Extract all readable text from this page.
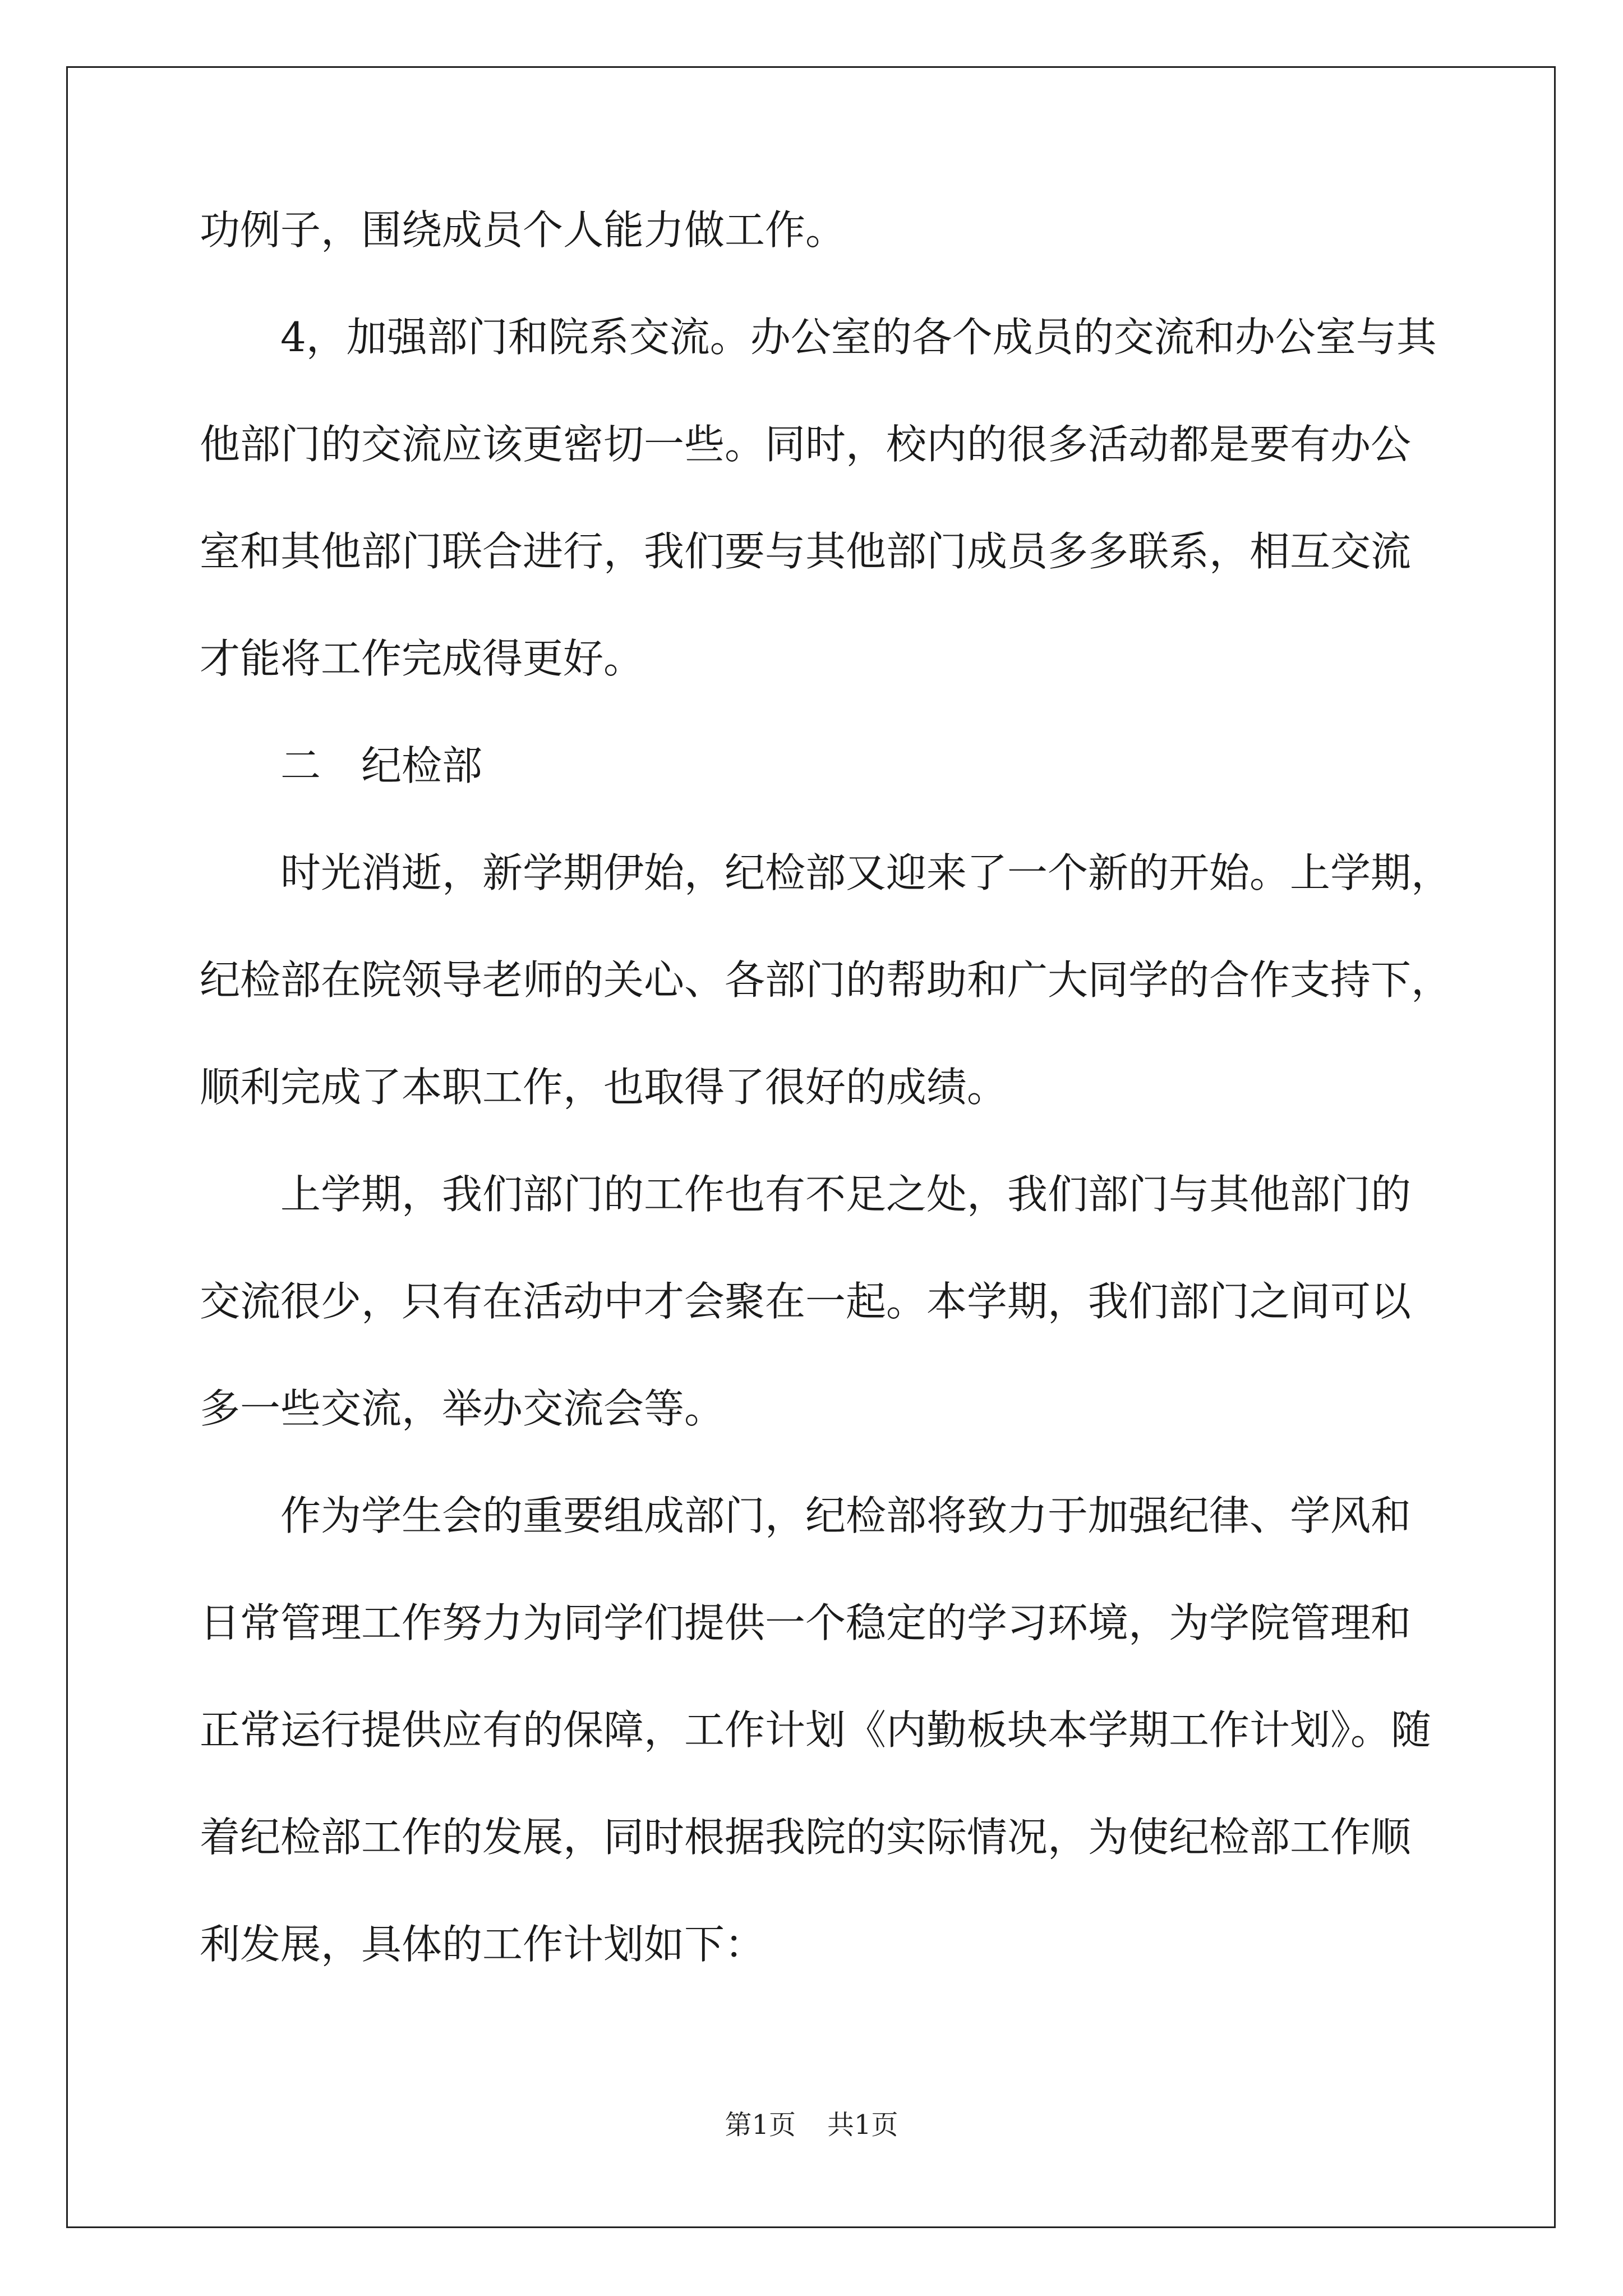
功例子，围绕成员个人能力做工作。
4，加强部门和院系交流。办公室的各个成员的交流和办公室与其
他部门的交流应该更密切一些。同时，校内的很多活动都是要有办公
室和其他部门联合进行，我们要与其他部门成员多多联系，相互交流
才能将工作完成得更好。
二　纪检部
时光消逝，新学期伊始，纪检部又迎来了一个新的开始。上学期，
纪检部在院领导老师的关心、各部门的帮助和广大同学的合作支持下，
顺利完成了本职工作，也取得了很好的成绩。
上学期，我们部门的工作也有不足之处，我们部门与其他部门的
交流很少，只有在活动中才会聚在一起。本学期，我们部门之间可以
多一些交流，举办交流会等。
作为学生会的重要组成部门，纪检部将致力于加强纪律、学风和
日常管理工作努力为同学们提供一个稳定的学习环境，为学院管理和
正常运行提供应有的保障，工作计划《内勤板块本学期工作计划》。随
着纪检部工作的发展，同时根据我院的实际情况，为使纪检部工作顺
利发展，具体的工作计划如下：
第1页 共1页
